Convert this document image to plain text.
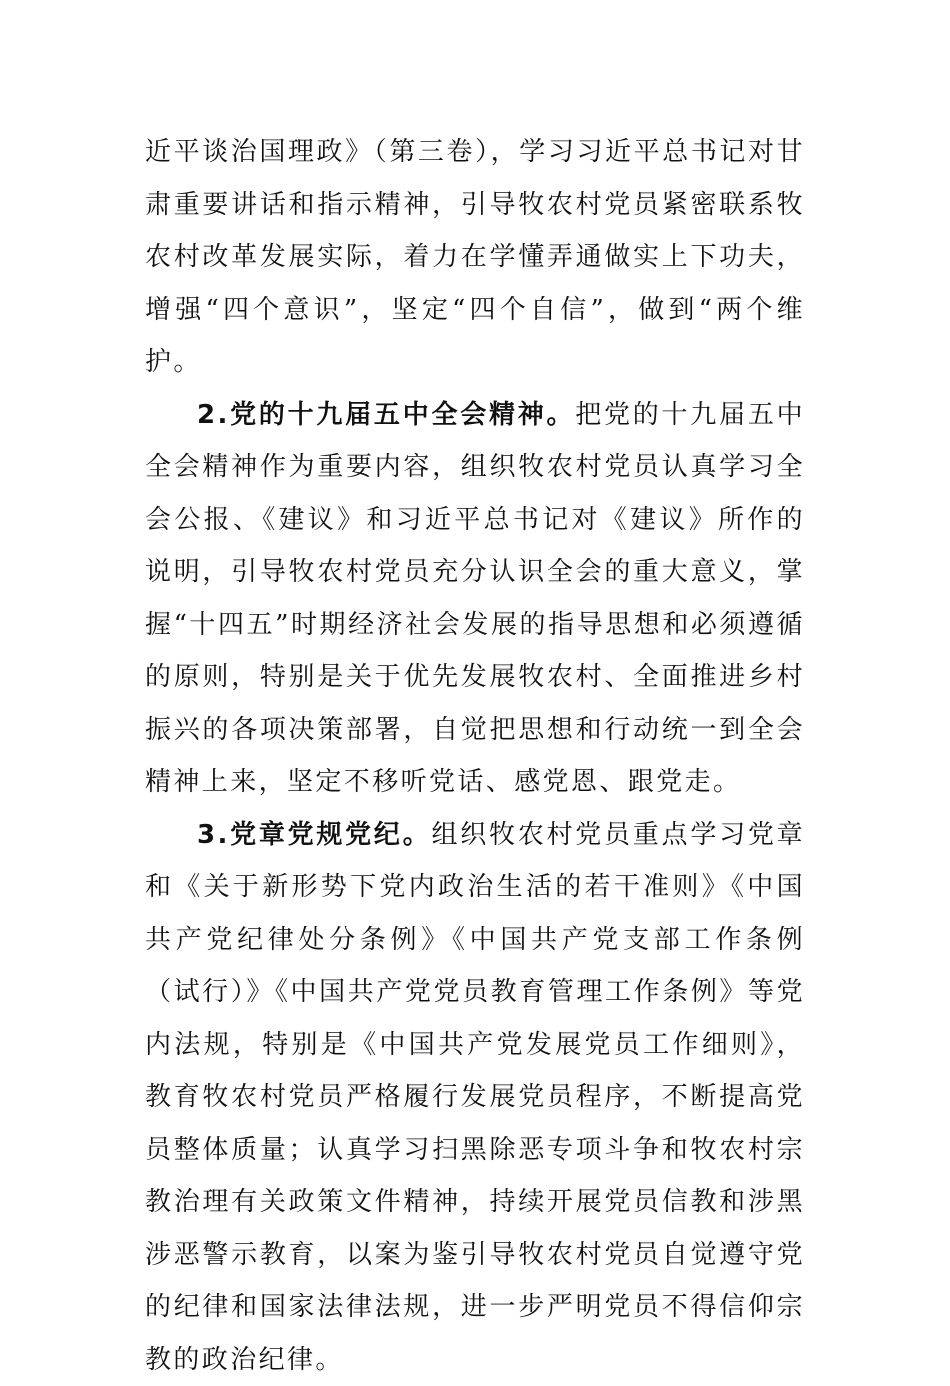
近平谈治国理政》（第三卷），学习习近平总书记对甘肃重要讲话和指示精神，引导牧农村党员紧密联系牧农村改革发展实际，着力在学懂弄通做实上下功夫，增强“四个意识”，坚定“四个自信”，做到“两个维护。

2.党的十九届五中全会精神。把党的十九届五中全会精神作为重要内容，组织牧农村党员认真学习全会公报、《建议》和习近平总书记对《建议》所作的说明，引导牧农村党员充分认识全会的重大意义，掌握“十四五”时期经济社会发展的指导思想和必须遵循的原则，特别是关于优先发展牧农村、全面推进乡村振兴的各项决策部署，自觉把思想和行动统一到全会精神上来，坚定不移听党话、感党恩、跟党走。

3.党章党规党纪。组织牧农村党员重点学习党章和《关于新形势下党内政治生活的若干准则》《中国共产党纪律处分条例》《中国共产党支部工作条例（试行）》《中国共产党党员教育管理工作条例》等党内法规，特别是《中国共产党发展党员工作细则》，教育牧农村党员严格履行发展党员程序，不断提高党员整体质量；认真学习扫黑除恶专项斗争和牧农村宗教治理有关政策文件精神，持续开展党员信教和涉黑涉恶警示教育，以案为鉴引导牧农村党员自觉遵守党的纪律和国家法律法规，进一步严明党员不得信仰宗教的政治纪律。
